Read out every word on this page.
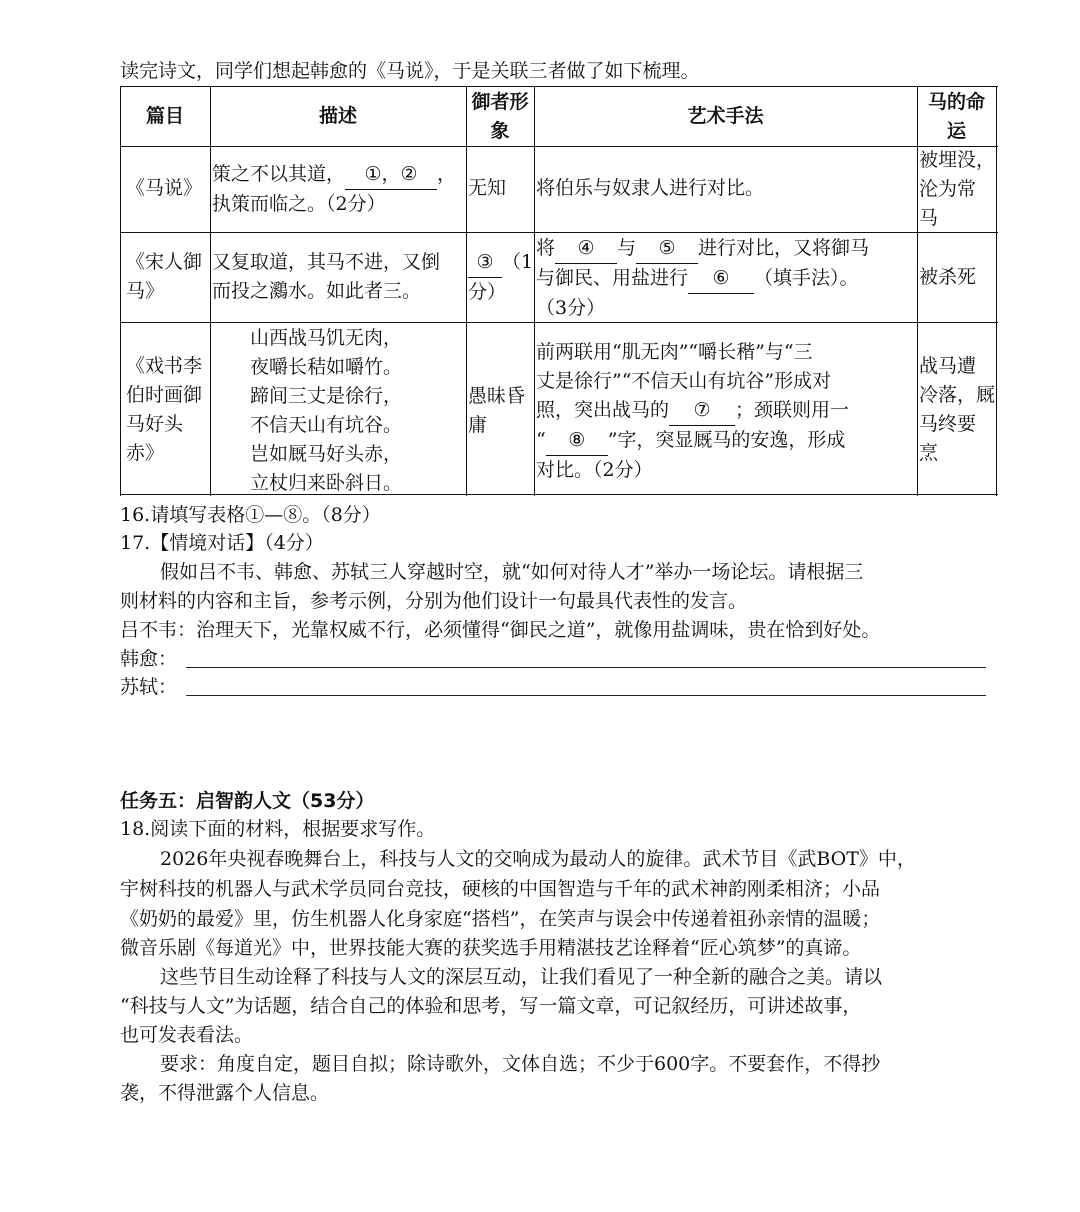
读完诗文，同学们想起韩愈的《马说》，于是关联三者做了如下梳理。
篇目	描述
御者形
象
艺术手法
马的命
运
《马说》
策之不以其道， ①，② ，
执策而临之。（2分）
无知 将伯乐与奴隶人进行对比。
被埋没，
沦为常
马
《宋人御
马》
又复取道，其马不进，又倒
而投之鸂水。如此者三。
③ （1
分）
将 ④ 与 ⑤ 进行对比，又将御马
与御民、用盐进行 ⑥ （填手法）。
（3分）
被杀死
《戏书李
伯时画御
马好头
赤》
山西战马饥无肉，
夜嚼长秸如嚼竹。
蹄间三丈是徐行，
不信天山有坑谷。
岂如厩马好头赤，
立杖归来卧斜日。
愚昧昏
庸
前两联用“肌无肉”“嚼长稭”与“三
丈是徐行”“不信天山有坑谷”形成对
照，突出战马的 ⑦ ；颈联则用一
“ ⑧ ”字，突显厩马的安逸，形成
对比。（2分）
战马遭
冷落，厩
马终要
烹
16.请填写表格①—⑧。（8分）
17.【情境对话】（4分）
假如吕不韦、韩愈、苏轼三人穿越时空，就“如何对待人才”举办一场论坛。请根据三
则材料的内容和主旨，参考示例，分别为他们设计一句最具代表性的发言。
吕不韦：治理天下，光靠权威不行，必须懂得“御民之道”，就像用盐调味，贵在恰到好处。
韩愈：
苏轼：
任务五：启智韵人文（53分）
18.阅读下面的材料，根据要求写作。
2026年央视春晚舞台上，科技与人文的交响成为最动人的旋律。武术节目《武BOT》中，
宇树科技的机器人与武术学员同台竞技，硬核的中国智造与千年的武术神韵刚柔相济；小品
《奶奶的最爱》里，仿生机器人化身家庭“搭档”，在笑声与误会中传递着祖孙亲情的温暖；
微音乐剧《每道光》中，世界技能大赛的获奖选手用精湛技艺诠释着“匠心筑梦”的真谛。
这些节目生动诠释了科技与人文的深层互动，让我们看见了一种全新的融合之美。请以
“科技与人文”为话题，结合自己的体验和思考，写一篇文章，可记叙经历，可讲述故事，
也可发表看法。
要求：角度自定，题目自拟；除诗歌外，文体自选；不少于600字。不要套作，不得抄
袭，不得泄露个人信息。
